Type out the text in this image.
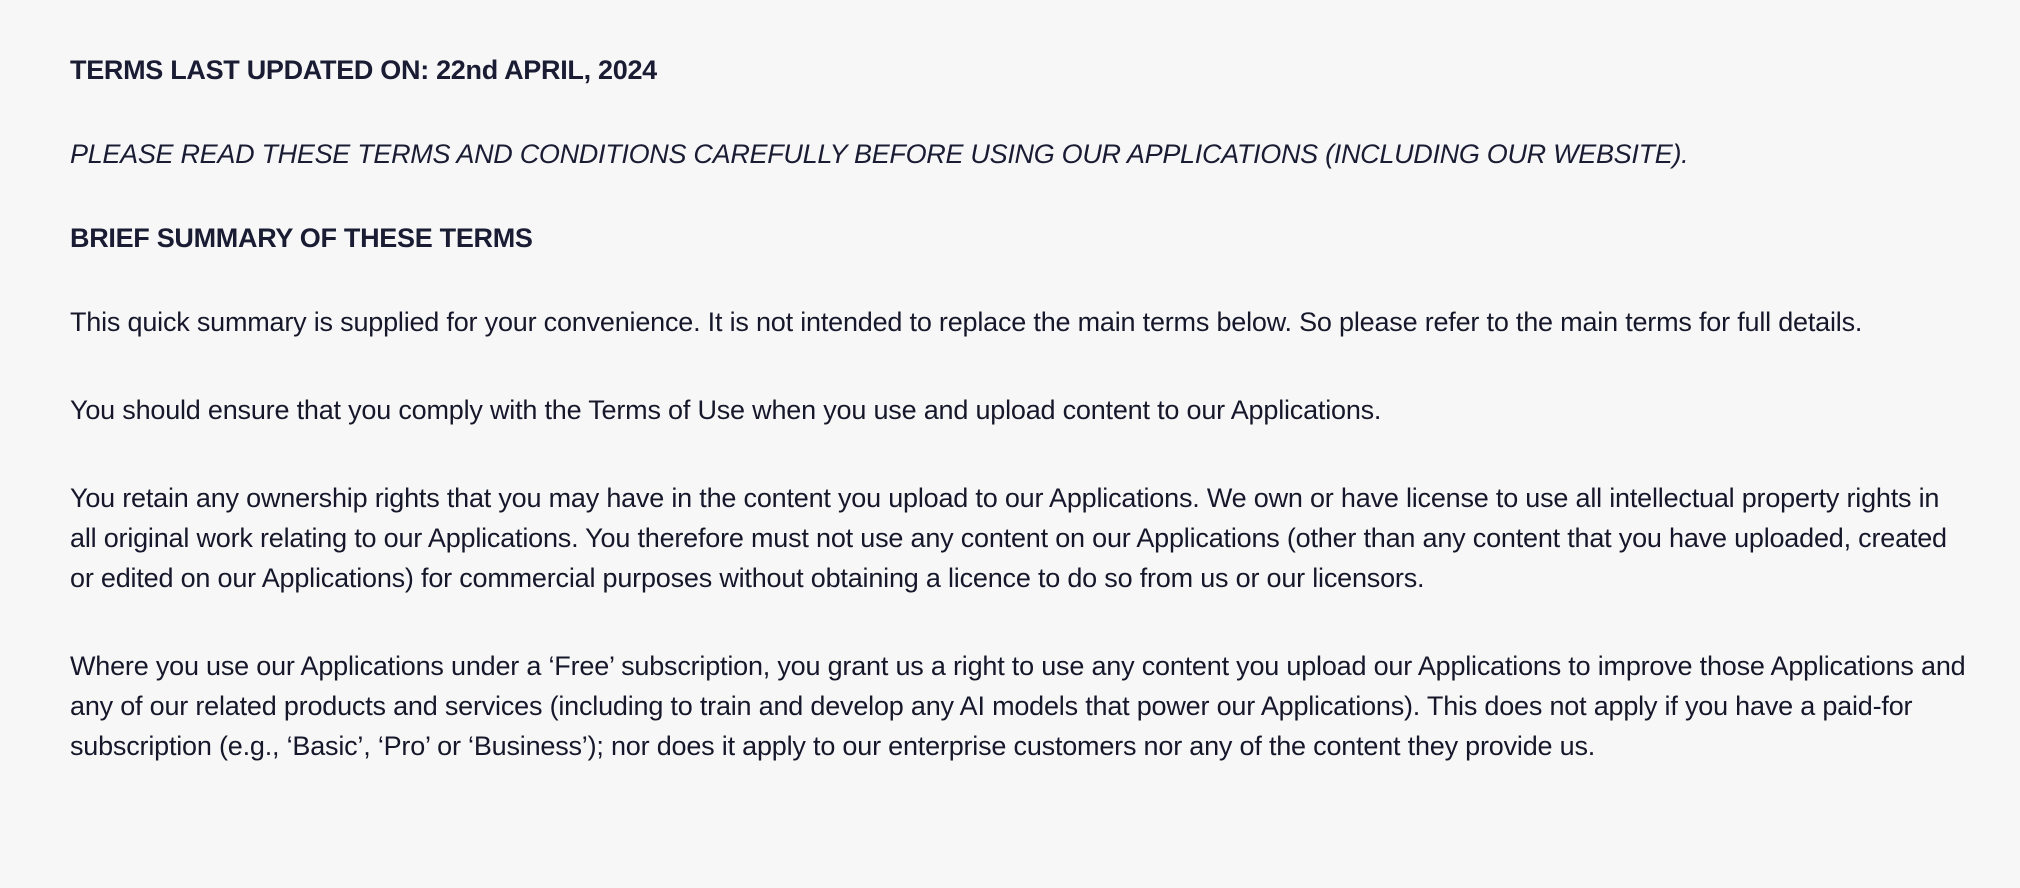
TERMS LAST UPDATED ON: 22nd APRIL, 2024

PLEASE READ THESE TERMS AND CONDITIONS CAREFULLY BEFORE USING OUR APPLICATIONS (INCLUDING OUR WEBSITE).

BRIEF SUMMARY OF THESE TERMS

This quick summary is supplied for your convenience. It is not intended to replace the main terms below. So please refer to the main terms for full details.

You should ensure that you comply with the Terms of Use when you use and upload content to our Applications.

You retain any ownership rights that you may have in the content you upload to our Applications. We own or have license to use all intellectual property rights in all original work relating to our Applications. You therefore must not use any content on our Applications (other than any content that you have uploaded, created or edited on our Applications) for commercial purposes without obtaining a licence to do so from us or our licensors.

Where you use our Applications under a ‘Free’ subscription, you grant us a right to use any content you upload our Applications to improve those Applications and any of our related products and services (including to train and develop any AI models that power our Applications). This does not apply if you have a paid-for subscription (e.g., ‘Basic’, ‘Pro’ or ‘Business’); nor does it apply to our enterprise customers nor any of the content they provide us.
